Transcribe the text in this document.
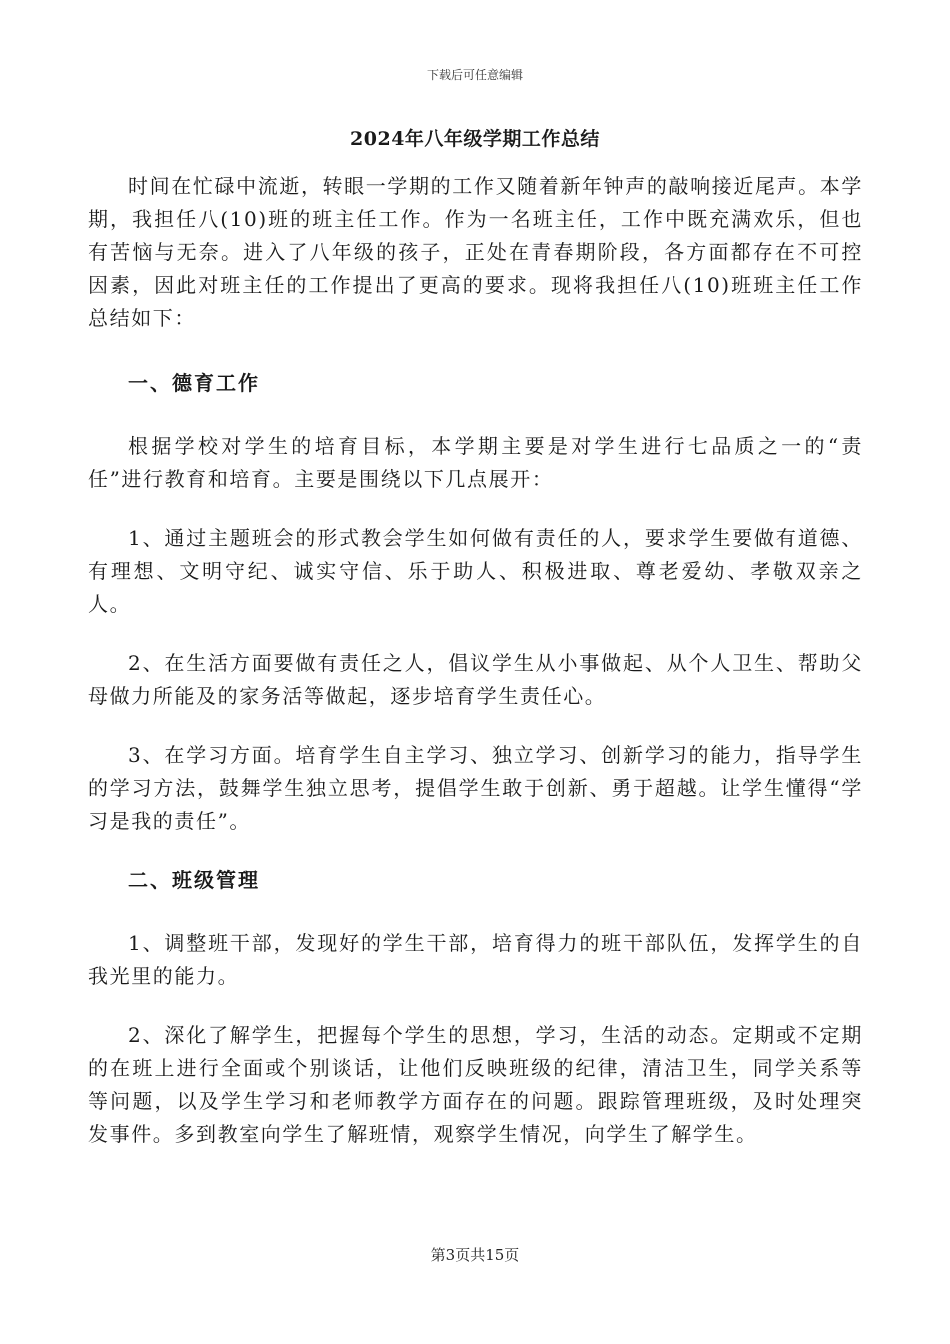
下载后可任意编辑
2024年八年级学期工作总结

时间在忙碌中流逝，转眼一学期的工作又随着新年钟声的敲响接近尾声。本学期，我担任八(10)班的班主任工作。作为一名班主任，工作中既充满欢乐，但也有苦恼与无奈。进入了八年级的孩子，正处在青春期阶段，各方面都存在不可控因素，因此对班主任的工作提出了更高的要求。现将我担任八(10)班班主任工作总结如下：

一、德育工作

根据学校对学生的培育目标，本学期主要是对学生进行七品质之一的“责任”进行教育和培育。主要是围绕以下几点展开：

1、通过主题班会的形式教会学生如何做有责任的人，要求学生要做有道德、有理想、文明守纪、诚实守信、乐于助人、积极进取、尊老爱幼、孝敬双亲之人。

2、在生活方面要做有责任之人，倡议学生从小事做起、从个人卫生、帮助父母做力所能及的家务活等做起，逐步培育学生责任心。

3、在学习方面。培育学生自主学习、独立学习、创新学习的能力，指导学生的学习方法，鼓舞学生独立思考，提倡学生敢于创新、勇于超越。让学生懂得“学习是我的责任”。

二、班级管理

1、调整班干部，发现好的学生干部，培育得力的班干部队伍，发挥学生的自我光里的能力。

2、深化了解学生，把握每个学生的思想，学习，生活的动态。定期或不定期的在班上进行全面或个别谈话，让他们反映班级的纪律，清洁卫生，同学关系等等问题，以及学生学习和老师教学方面存在的问题。跟踪管理班级，及时处理突发事件。多到教室向学生了解班情，观察学生情况，向学生了解学生。

第3页共15页
